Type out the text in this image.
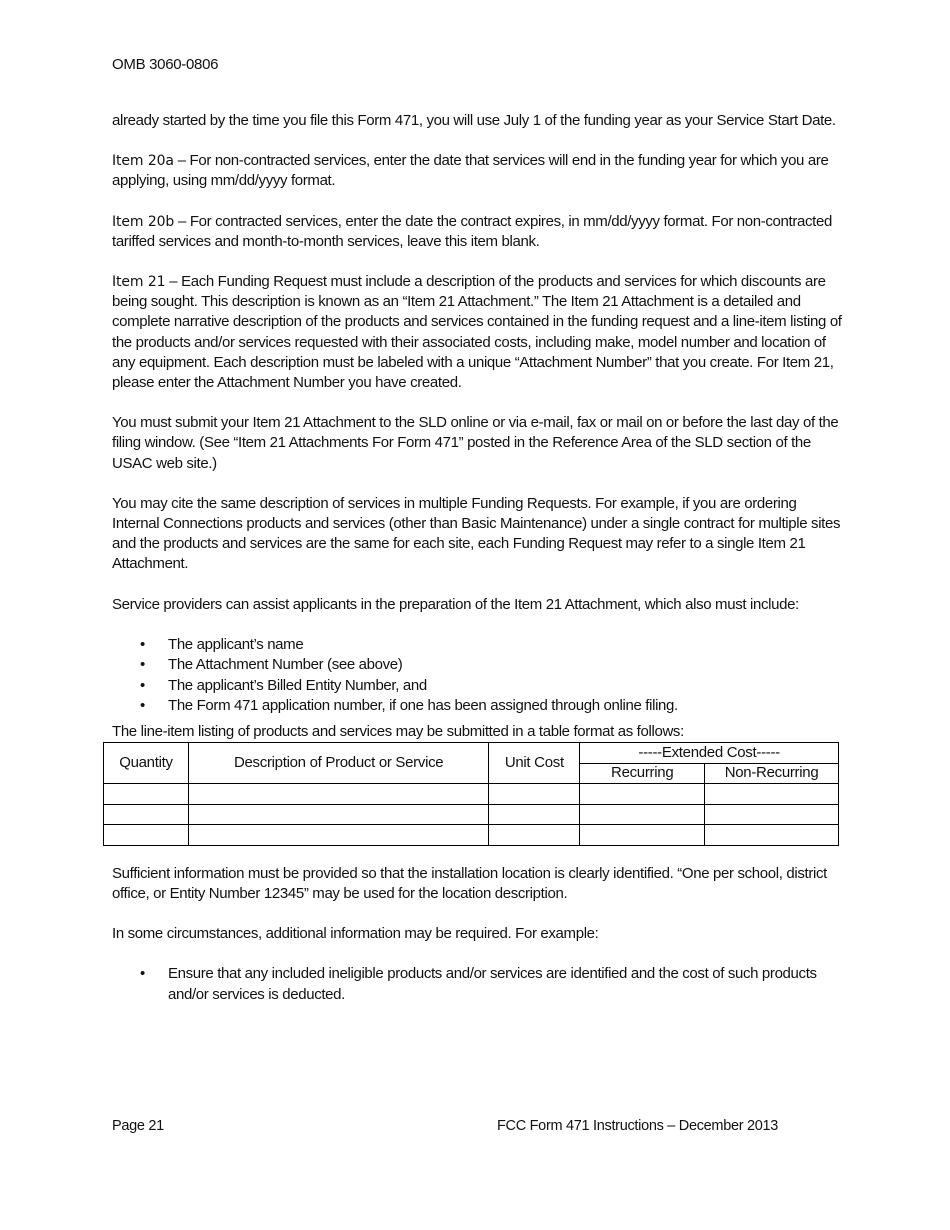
OMB 3060-0806

already started by the time you file this Form 471, you will use July 1 of the funding year as your Service Start Date.

Item 20a – For non-contracted services, enter the date that services will end in the funding year for which you are applying, using mm/dd/yyyy format.

Item 20b – For contracted services, enter the date the contract expires, in mm/dd/yyyy format. For non-contracted tariffed services and month-to-month services, leave this item blank.

Item 21 – Each Funding Request must include a description of the products and services for which discounts are being sought. This description is known as an “Item 21 Attachment.” The Item 21 Attachment is a detailed and complete narrative description of the products and services contained in the funding request and a line-item listing of the products and/or services requested with their associated costs, including make, model number and location of any equipment. Each description must be labeled with a unique “Attachment Number” that you create. For Item 21, please enter the Attachment Number you have created.

You must submit your Item 21 Attachment to the SLD online or via e-mail, fax or mail on or before the last day of the filing window. (See “Item 21 Attachments For Form 471” posted in the Reference Area of the SLD section of the USAC web site.)

You may cite the same description of services in multiple Funding Requests. For example, if you are ordering Internal Connections products and services (other than Basic Maintenance) under a single contract for multiple sites and the products and services are the same for each site, each Funding Request may refer to a single Item 21 Attachment.

Service providers can assist applicants in the preparation of the Item 21 Attachment, which also must include:

• The applicant’s name
• The Attachment Number (see above)
• The applicant’s Billed Entity Number, and
• The Form 471 application number, if one has been assigned through online filing.

The line-item listing of products and services may be submitted in a table format as follows:

Quantity	Description of Product or Service	Unit Cost	-----Extended Cost-----	
			Recurring	Non-Recurring

Sufficient information must be provided so that the installation location is clearly identified. “One per school, district office, or Entity Number 12345” may be used for the location description.

In some circumstances, additional information may be required. For example:

• Ensure that any included ineligible products and/or services are identified and the cost of such products and/or services is deducted.
Page 21	FCC Form 471 Instructions – December 2013
